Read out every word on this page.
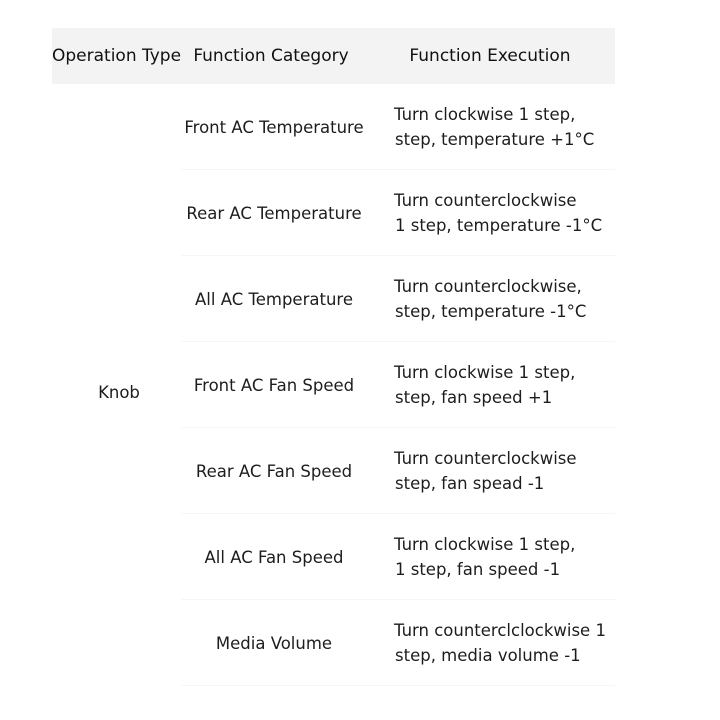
Operation Type Function Category	Function Execution
Knob
Front AC Temperature
Turn clockwise 1 step,
step, temperature +1°C
Rear AC Temperature
Turn counterclockwise
1 step, temperature -1°C
All AC Temperature
Turn counterclockwise,
step, temperature -1°C
Front AC Fan Speed
Turn clockwise 1 step,
step, fan speed +1
Rear AC Fan Speed
Turn counterclockwise
step, fan spead -1
All AC Fan Speed
Turn clockwise 1 step,
1 step, fan speed -1
Media Volume
Turn counterclclockwise 1
step, media volume -1
